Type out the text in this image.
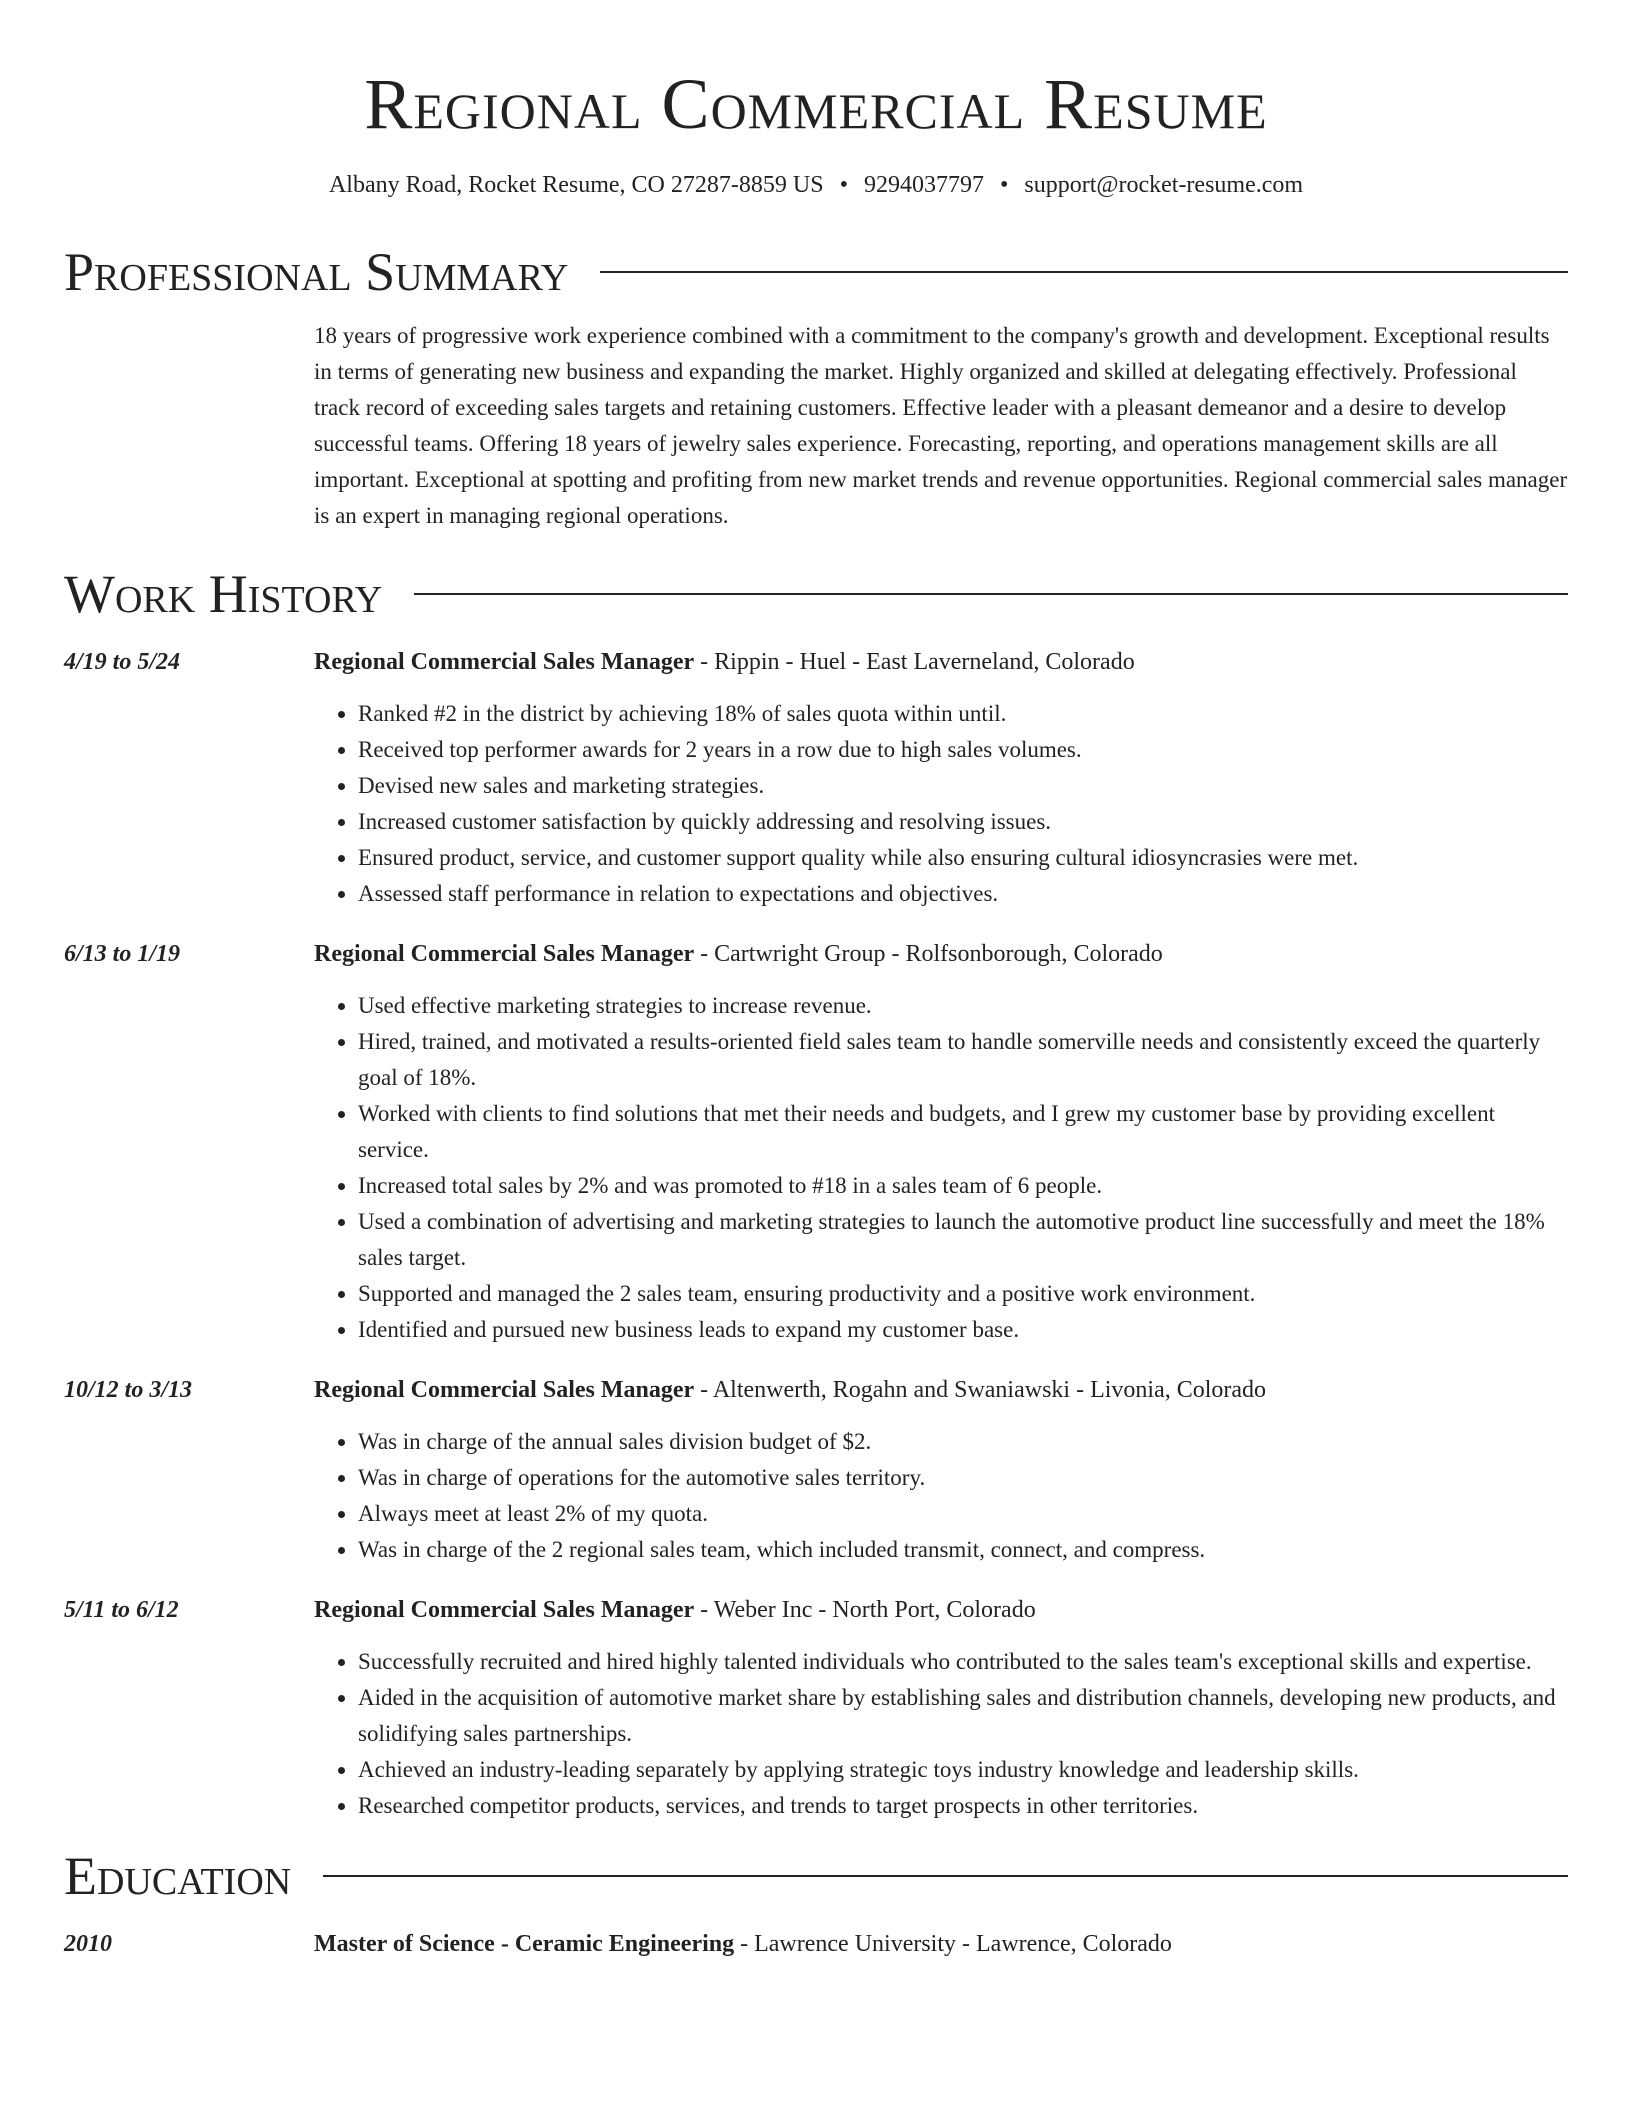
Regional Commercial Resume
Albany Road, Rocket Resume, CO 27287-8859 US • 9294037797 • support@rocket-resume.com
Professional Summary
18 years of progressive work experience combined with a commitment to the company's growth and development. Exceptional results in terms of generating new business and expanding the market. Highly organized and skilled at delegating effectively. Professional track record of exceeding sales targets and retaining customers. Effective leader with a pleasant demeanor and a desire to develop successful teams. Offering 18 years of jewelry sales experience. Forecasting, reporting, and operations management skills are all important. Exceptional at spotting and profiting from new market trends and revenue opportunities. Regional commercial sales manager is an expert in managing regional operations.
Work History
4/19 to 5/24	Regional Commercial Sales Manager - Rippin - Huel - East Laverneland, Colorado
• Ranked #2 in the district by achieving 18% of sales quota within until.
• Received top performer awards for 2 years in a row due to high sales volumes.
• Devised new sales and marketing strategies.
• Increased customer satisfaction by quickly addressing and resolving issues.
• Ensured product, service, and customer support quality while also ensuring cultural idiosyncrasies were met.
• Assessed staff performance in relation to expectations and objectives.
6/13 to 1/19	Regional Commercial Sales Manager - Cartwright Group - Rolfsonborough, Colorado
• Used effective marketing strategies to increase revenue.
• Hired, trained, and motivated a results-oriented field sales team to handle somerville needs and consistently exceed the quarterly goal of 18%.
• Worked with clients to find solutions that met their needs and budgets, and I grew my customer base by providing excellent service.
• Increased total sales by 2% and was promoted to #18 in a sales team of 6 people.
• Used a combination of advertising and marketing strategies to launch the automotive product line successfully and meet the 18% sales target.
• Supported and managed the 2 sales team, ensuring productivity and a positive work environment.
• Identified and pursued new business leads to expand my customer base.
10/12 to 3/13	Regional Commercial Sales Manager - Altenwerth, Rogahn and Swaniawski - Livonia, Colorado
• Was in charge of the annual sales division budget of $2.
• Was in charge of operations for the automotive sales territory.
• Always meet at least 2% of my quota.
• Was in charge of the 2 regional sales team, which included transmit, connect, and compress.
5/11 to 6/12	Regional Commercial Sales Manager - Weber Inc - North Port, Colorado
• Successfully recruited and hired highly talented individuals who contributed to the sales team's exceptional skills and expertise.
• Aided in the acquisition of automotive market share by establishing sales and distribution channels, developing new products, and solidifying sales partnerships.
• Achieved an industry-leading separately by applying strategic toys industry knowledge and leadership skills.
• Researched competitor products, services, and trends to target prospects in other territories.
Education
2010	Master of Science - Ceramic Engineering - Lawrence University - Lawrence, Colorado
